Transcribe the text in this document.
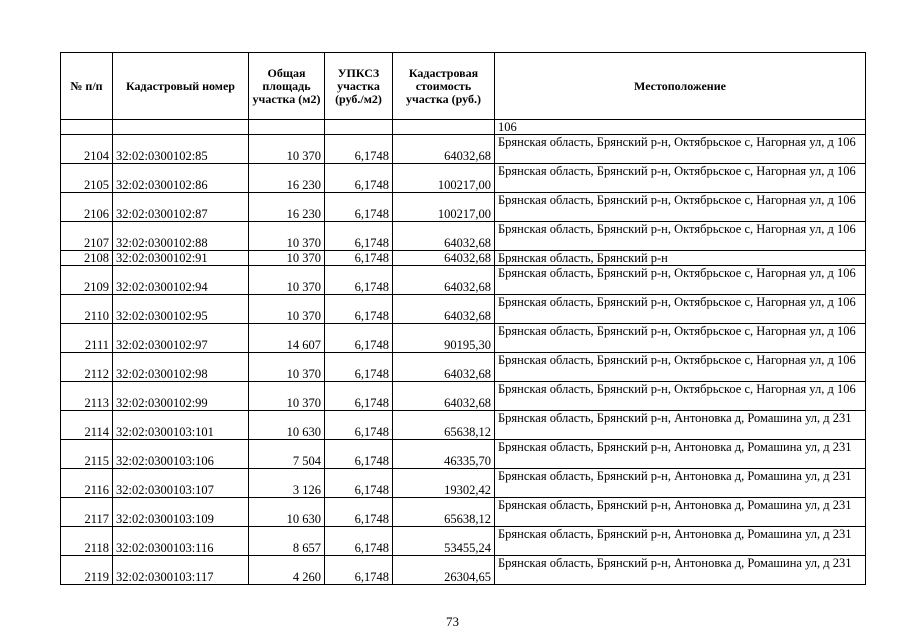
№ п/п	Кадастровый номер	Общая площадь участка (м2)	УПКСЗ участка (руб./м2)	Кадастровая стоимость участка (руб.)	Местоположение
					106
2104	32:02:0300102:85	10 370	6,1748	64032,68	Брянская область, Брянский р-н, Октябрьское с, Нагорная ул, д 106
2105	32:02:0300102:86	16 230	6,1748	100217,00	Брянская область, Брянский р-н, Октябрьское с, Нагорная ул, д 106
2106	32:02:0300102:87	16 230	6,1748	100217,00	Брянская область, Брянский р-н, Октябрьское с, Нагорная ул, д 106
2107	32:02:0300102:88	10 370	6,1748	64032,68	Брянская область, Брянский р-н, Октябрьское с, Нагорная ул, д 106
2108	32:02:0300102:91	10 370	6,1748	64032,68	Брянская область, Брянский р-н
2109	32:02:0300102:94	10 370	6,1748	64032,68	Брянская область, Брянский р-н, Октябрьское с, Нагорная ул, д 106
2110	32:02:0300102:95	10 370	6,1748	64032,68	Брянская область, Брянский р-н, Октябрьское с, Нагорная ул, д 106
2111	32:02:0300102:97	14 607	6,1748	90195,30	Брянская область, Брянский р-н, Октябрьское с, Нагорная ул, д 106
2112	32:02:0300102:98	10 370	6,1748	64032,68	Брянская область, Брянский р-н, Октябрьское с, Нагорная ул, д 106
2113	32:02:0300102:99	10 370	6,1748	64032,68	Брянская область, Брянский р-н, Октябрьское с, Нагорная ул, д 106
2114	32:02:0300103:101	10 630	6,1748	65638,12	Брянская область, Брянский р-н, Антоновка д, Ромашина ул, д 231
2115	32:02:0300103:106	7 504	6,1748	46335,70	Брянская область, Брянский р-н, Антоновка д, Ромашина ул, д 231
2116	32:02:0300103:107	3 126	6,1748	19302,42	Брянская область, Брянский р-н, Антоновка д, Ромашина ул, д 231
2117	32:02:0300103:109	10 630	6,1748	65638,12	Брянская область, Брянский р-н, Антоновка д, Ромашина ул, д 231
2118	32:02:0300103:116	8 657	6,1748	53455,24	Брянская область, Брянский р-н, Антоновка д, Ромашина ул, д 231
2119	32:02:0300103:117	4 260	6,1748	26304,65	Брянская область, Брянский р-н, Антоновка д, Ромашина ул, д 231
73
